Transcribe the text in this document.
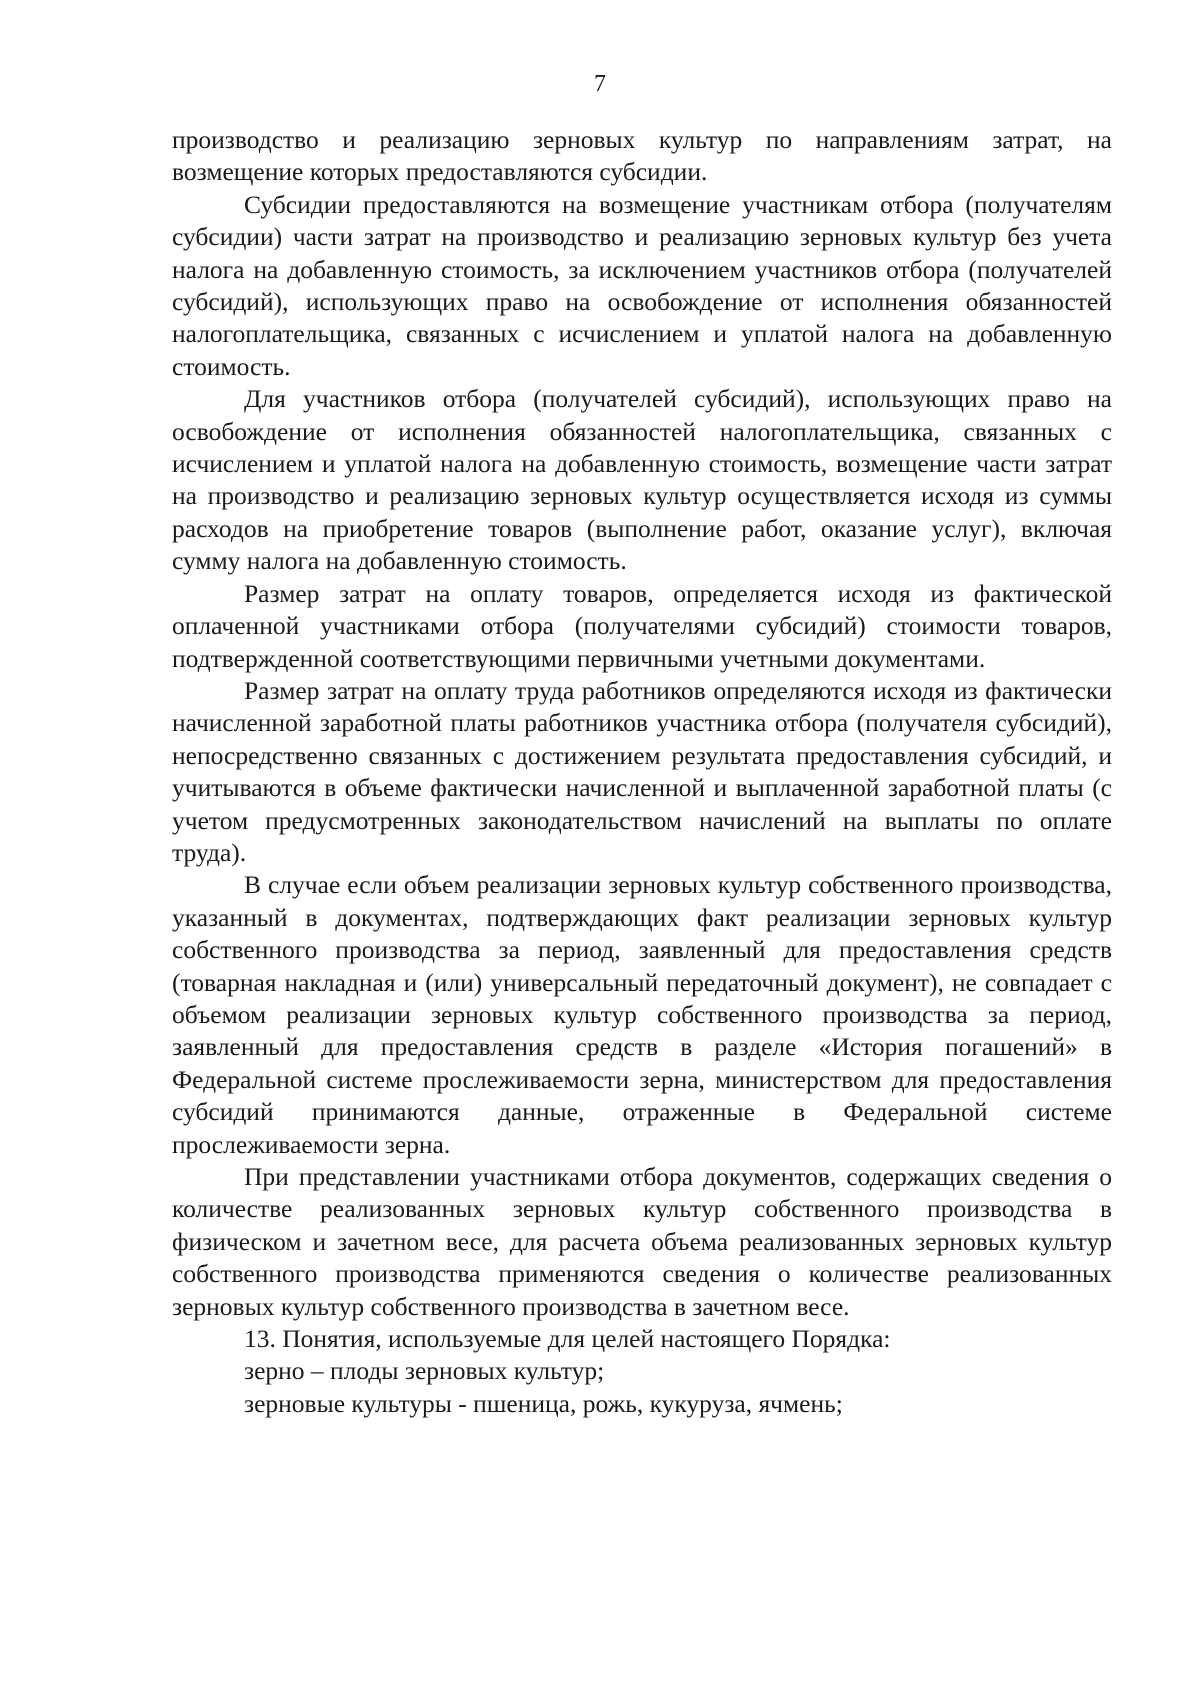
7

производство и реализацию зерновых культур по направлениям затрат, на возмещение которых предоставляются субсидии.

Субсидии предоставляются на возмещение участникам отбора (получателям субсидии) части затрат на производство и реализацию зерновых культур без учета налога на добавленную стоимость, за исключением участников отбора (получателей субсидий), использующих право на освобождение от исполнения обязанностей налогоплательщика, связанных с исчислением и уплатой налога на добавленную стоимость.

Для участников отбора (получателей субсидий), использующих право на освобождение от исполнения обязанностей налогоплательщика, связанных с исчислением и уплатой налога на добавленную стоимость, возмещение части затрат на производство и реализацию зерновых культур осуществляется исходя из суммы расходов на приобретение товаров (выполнение работ, оказание услуг), включая сумму налога на добавленную стоимость.

Размер затрат на оплату товаров, определяется исходя из фактической оплаченной участниками отбора (получателями субсидий) стоимости товаров, подтвержденной соответствующими первичными учетными документами.

Размер затрат на оплату труда работников определяются исходя из фактически начисленной заработной платы работников участника отбора (получателя субсидий), непосредственно связанных с достижением результата предоставления субсидий, и учитываются в объеме фактически начисленной и выплаченной заработной платы (с учетом предусмотренных законодательством начислений на выплаты по оплате труда).

В случае если объем реализации зерновых культур собственного производства, указанный в документах, подтверждающих факт реализации зерновых культур собственного производства за период, заявленный для предоставления средств (товарная накладная и (или) универсальный передаточный документ), не совпадает с объемом реализации зерновых культур собственного производства за период, заявленный для предоставления средств в разделе «История погашений» в Федеральной системе прослеживаемости зерна, министерством для предоставления субсидий принимаются данные, отраженные в Федеральной системе прослеживаемости зерна.

При представлении участниками отбора документов, содержащих сведения о количестве реализованных зерновых культур собственного производства в физическом и зачетном весе, для расчета объема реализованных зерновых культур собственного производства применяются сведения о количестве реализованных зерновых культур собственного производства в зачетном весе.

13. Понятия, используемые для целей настоящего Порядка:

зерно – плоды зерновых культур;

зерновые культуры - пшеница, рожь, кукуруза, ячмень;
